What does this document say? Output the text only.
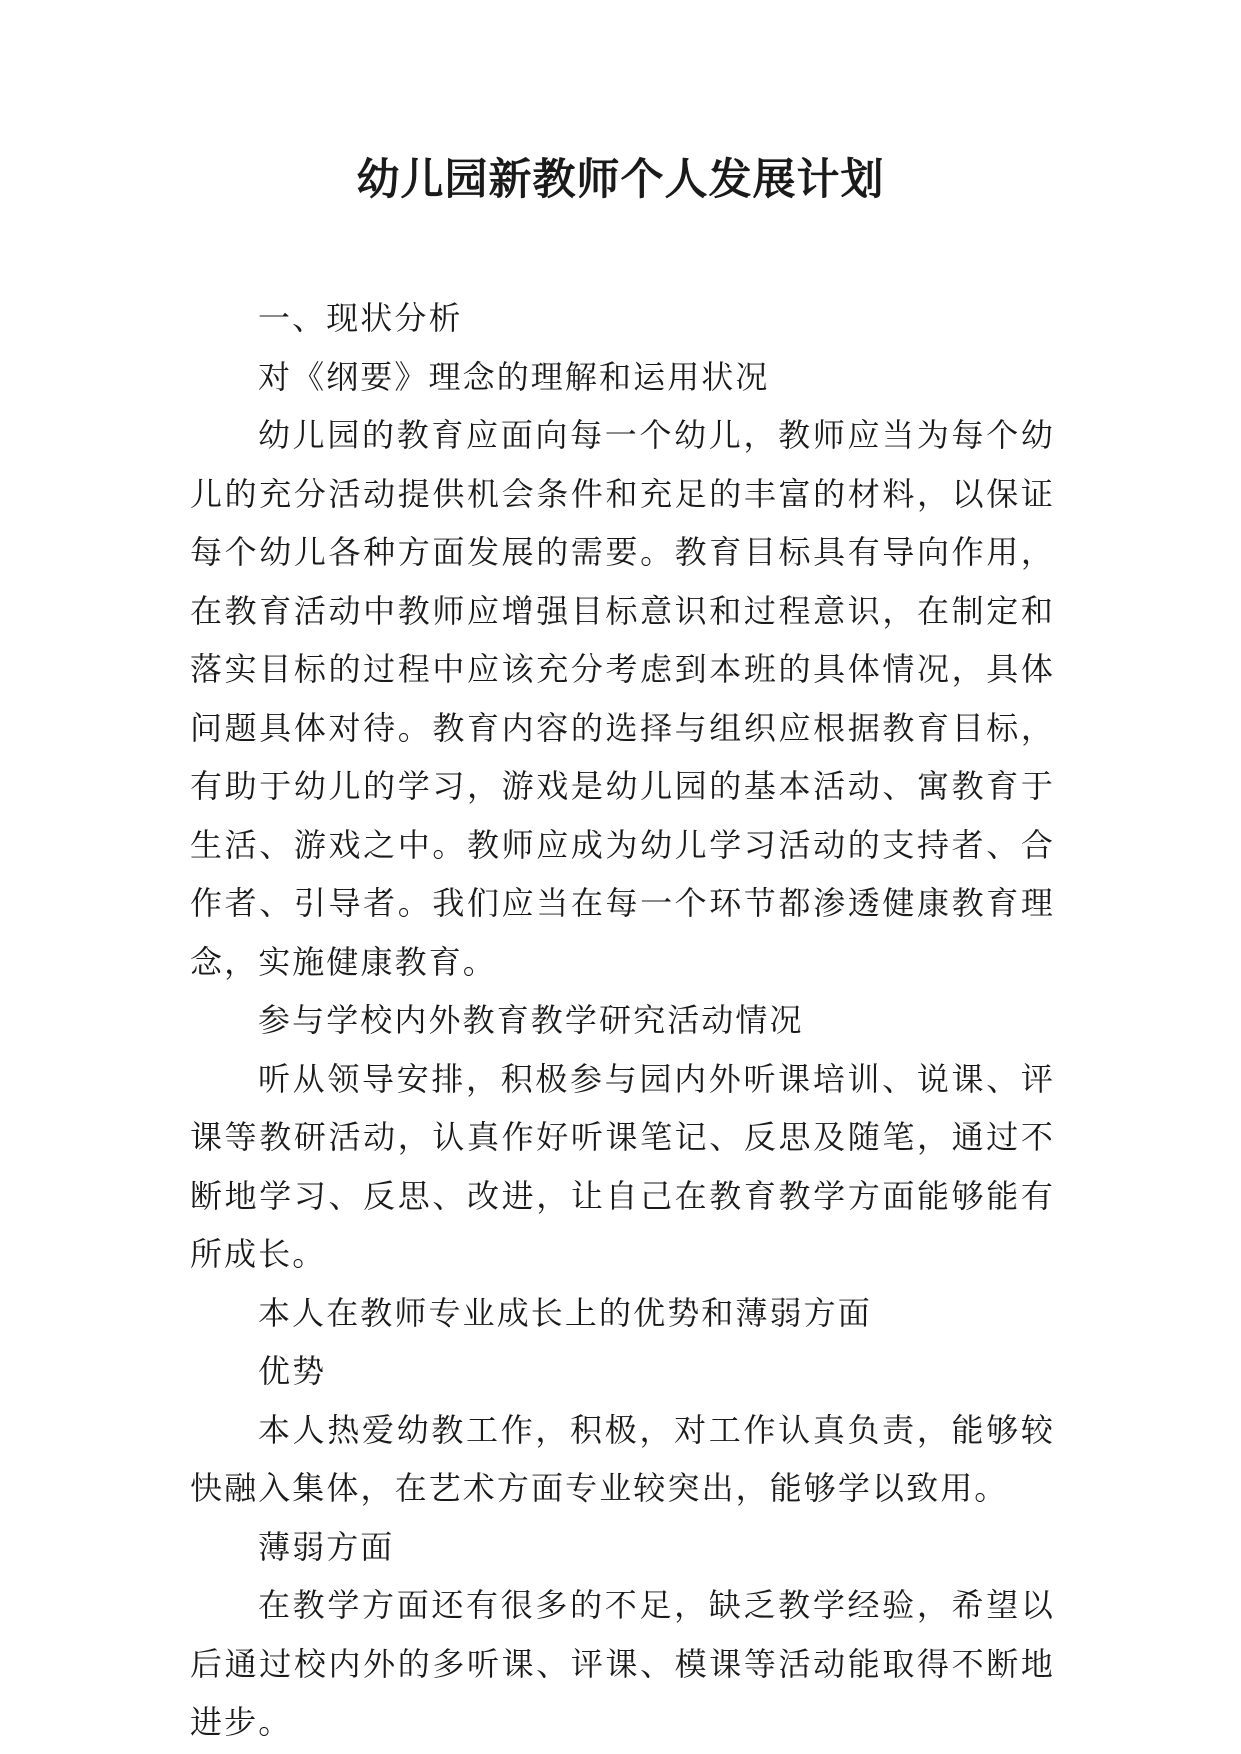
幼儿园新教师个人发展计划

一、现状分析

对《纲要》理念的理解和运用状况

幼儿园的教育应面向每一个幼儿，教师应当为每个幼儿的充分活动提供机会条件和充足的丰富的材料，以保证每个幼儿各种方面发展的需要。教育目标具有导向作用，在教育活动中教师应增强目标意识和过程意识，在制定和落实目标的过程中应该充分考虑到本班的具体情况，具体问题具体对待。教育内容的选择与组织应根据教育目标，有助于幼儿的学习，游戏是幼儿园的基本活动、寓教育于生活、游戏之中。教师应成为幼儿学习活动的支持者、合作者、引导者。我们应当在每一个环节都渗透健康教育理念，实施健康教育。

参与学校内外教育教学研究活动情况

听从领导安排，积极参与园内外听课培训、说课、评课等教研活动，认真作好听课笔记、反思及随笔，通过不断地学习、反思、改进，让自己在教育教学方面能够能有所成长。

本人在教师专业成长上的优势和薄弱方面

优势

本人热爱幼教工作，积极，对工作认真负责，能够较快融入集体，在艺术方面专业较突出，能够学以致用。

薄弱方面

在教学方面还有很多的不足，缺乏教学经验，希望以后通过校内外的多听课、评课、模课等活动能取得不断地进步。
